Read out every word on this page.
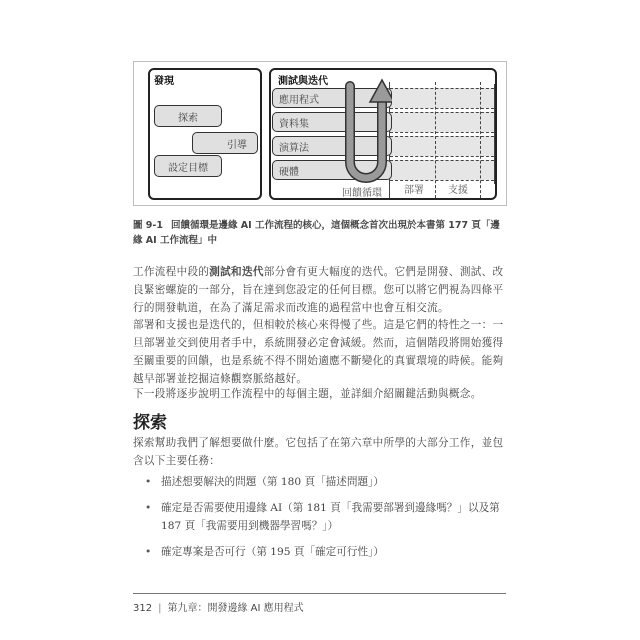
發現
探索
引導
設定目標
測試與迭代
應用程式
資料集
演算法
硬體
回饋循環 部署 支援
圖 9-1 回饋循環是邊緣 AI 工作流程的核心，這個概念首次出現於本書第 177 頁「邊緣 AI 工作流程」中
工作流程中段的測試和迭代部分會有更大幅度的迭代。它們是開發、測試、改良緊密螺旋的一部分，旨在達到您設定的任何目標。您可以將它們視為四條平行的開發軌道，在為了滿足需求而改進的過程當中也會互相交流。
部署和支援也是迭代的，但相較於核心來得慢了些。這是它們的特性之一：一旦部署並交到使用者手中，系統開發必定會減緩。然而，這個階段將開始獲得至關重要的回饋，也是系統不得不開始適應不斷變化的真實環境的時候。能夠越早部署並挖掘這條觀察脈絡越好。
下一段將逐步說明工作流程中的每個主題，並詳細介紹關鍵活動與概念。
探索
探索幫助我們了解想要做什麼。它包括了在第六章中所學的大部分工作，並包含以下主要任務：
• 描述想要解決的問題（第 180 頁「描述問題」）
• 確定是否需要使用邊緣 AI（第 181 頁「我需要部署到邊緣嗎？」以及第 187 頁「我需要用到機器學習嗎？」）
• 確定專案是否可行（第 195 頁「確定可行性」）
312 | 第九章：開發邊緣 AI 應用程式
